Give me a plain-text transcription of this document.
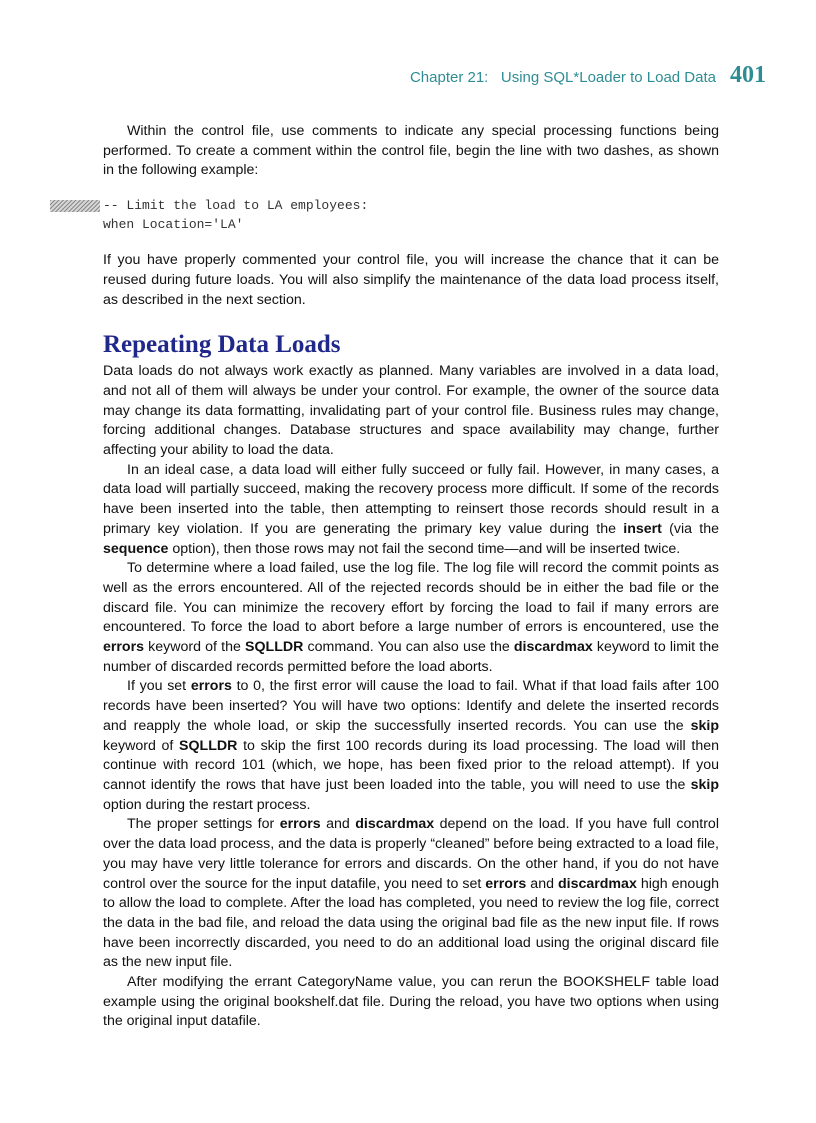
Chapter 21:   Using SQL*Loader to Load Data 401

Within the control file, use comments to indicate any special processing functions being performed. To create a comment within the control file, begin the line with two dashes, as shown in the following example:

-- Limit the load to LA employees:
when Location='LA'

If you have properly commented your control file, you will increase the chance that it can be reused during future loads. You will also simplify the maintenance of the data load process itself, as described in the next section.

Repeating Data Loads

Data loads do not always work exactly as planned. Many variables are involved in a data load, and not all of them will always be under your control. For example, the owner of the source data may change its data formatting, invalidating part of your control file. Business rules may change, forcing additional changes. Database structures and space availability may change, further affecting your ability to load the data.

In an ideal case, a data load will either fully succeed or fully fail. However, in many cases, a data load will partially succeed, making the recovery process more difficult. If some of the records have been inserted into the table, then attempting to reinsert those records should result in a primary key violation. If you are generating the primary key value during the insert (via the sequence option), then those rows may not fail the second time—and will be inserted twice.

To determine where a load failed, use the log file. The log file will record the commit points as well as the errors encountered. All of the rejected records should be in either the bad file or the discard file. You can minimize the recovery effort by forcing the load to fail if many errors are encountered. To force the load to abort before a large number of errors is encountered, use the errors keyword of the SQLLDR command. You can also use the discardmax keyword to limit the number of discarded records permitted before the load aborts.

If you set errors to 0, the first error will cause the load to fail. What if that load fails after 100 records have been inserted? You will have two options: Identify and delete the inserted records and reapply the whole load, or skip the successfully inserted records. You can use the skip keyword of SQLLDR to skip the first 100 records during its load processing. The load will then continue with record 101 (which, we hope, has been fixed prior to the reload attempt). If you cannot identify the rows that have just been loaded into the table, you will need to use the skip option during the restart process.

The proper settings for errors and discardmax depend on the load. If you have full control over the data load process, and the data is properly “cleaned” before being extracted to a load file, you may have very little tolerance for errors and discards. On the other hand, if you do not have control over the source for the input datafile, you need to set errors and discardmax high enough to allow the load to complete. After the load has completed, you need to review the log file, correct the data in the bad file, and reload the data using the original bad file as the new input file. If rows have been incorrectly discarded, you need to do an additional load using the original discard file as the new input file.

After modifying the errant CategoryName value, you can rerun the BOOKSHELF table load example using the original bookshelf.dat file. During the reload, you have two options when using the original input datafile.
